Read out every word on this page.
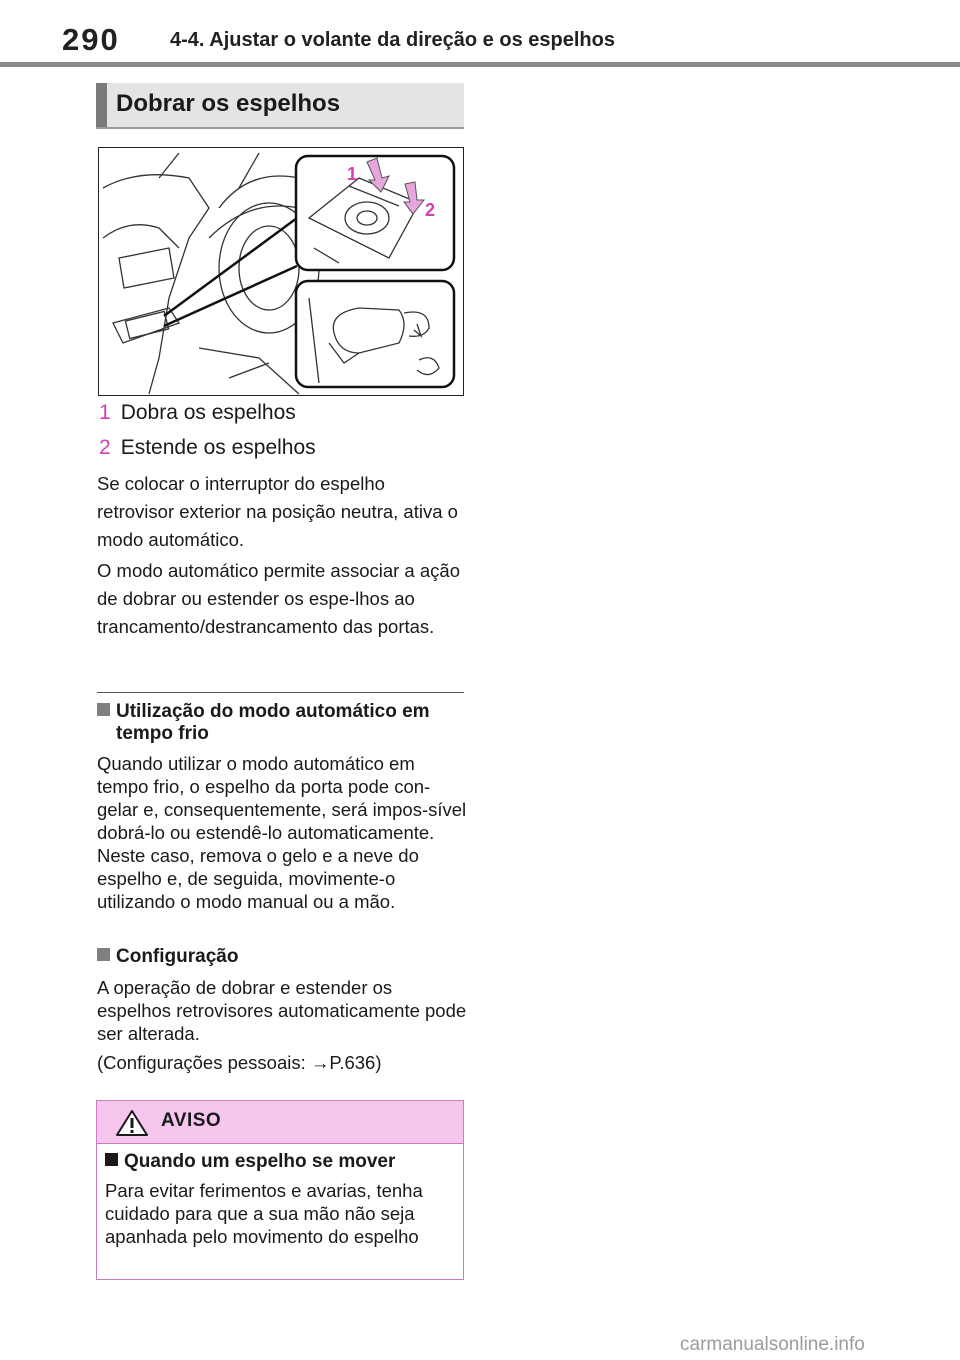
290	4-4. Ajustar o volante da direção e os espelhos
Dobrar os espelhos
1
2
1 Dobra os espelhos
2 Estende os espelhos

Se colocar o interruptor do espelho retrovisor exterior na posição neutra, ativa o modo automático.

O modo automático permite associar a ação de dobrar ou estender os espe-lhos ao trancamento/destrancamento das portas.

Utilização do modo automático em tempo frio

Quando utilizar o modo automático em tempo frio, o espelho da porta pode con-gelar e, consequentemente, será impos-sível dobrá-lo ou estendê-lo automaticamente. Neste caso, remova o gelo e a neve do espelho e, de seguida, movimente-o utilizando o modo manual ou a mão.

Configuração

A operação de dobrar e estender os espelhos retrovisores automaticamente pode ser alterada.

(Configurações pessoais: →P.636)

AVISO
Quando um espelho se mover

Para evitar ferimentos e avarias, tenha cuidado para que a sua mão não seja apanhada pelo movimento do espelho

carmanualsonline.info
